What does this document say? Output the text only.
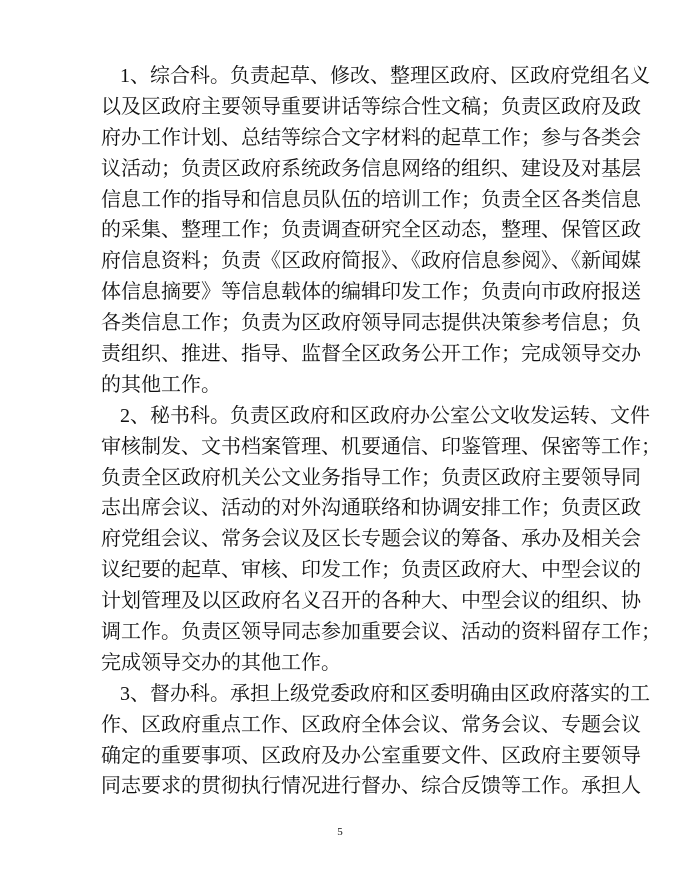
1、综合科。负责起草、修改、整理区政府、区政府党组名义
以及区政府主要领导重要讲话等综合性文稿；负责区政府及政
府办工作计划、总结等综合文字材料的起草工作；参与各类会
议活动；负责区政府系统政务信息网络的组织、建设及对基层
信息工作的指导和信息员队伍的培训工作；负责全区各类信息
的采集、整理工作；负责调查研究全区动态，整理、保管区政
府信息资料；负责《区政府简报》、《政府信息参阅》、《新闻媒
体信息摘要》等信息载体的编辑印发工作；负责向市政府报送
各类信息工作；负责为区政府领导同志提供决策参考信息；负
责组织、推进、指导、监督全区政务公开工作；完成领导交办
的其他工作。
2、秘书科。负责区政府和区政府办公室公文收发运转、文件
审核制发、文书档案管理、机要通信、印鉴管理、保密等工作；
负责全区政府机关公文业务指导工作；负责区政府主要领导同
志出席会议、活动的对外沟通联络和协调安排工作；负责区政
府党组会议、常务会议及区长专题会议的筹备、承办及相关会
议纪要的起草、审核、印发工作；负责区政府大、中型会议的
计划管理及以区政府名义召开的各种大、中型会议的组织、协
调工作。负责区领导同志参加重要会议、活动的资料留存工作；
完成领导交办的其他工作。
3、督办科。承担上级党委政府和区委明确由区政府落实的工
作、区政府重点工作、区政府全体会议、常务会议、专题会议
确定的重要事项、区政府及办公室重要文件、区政府主要领导
同志要求的贯彻执行情况进行督办、综合反馈等工作。承担人
5
